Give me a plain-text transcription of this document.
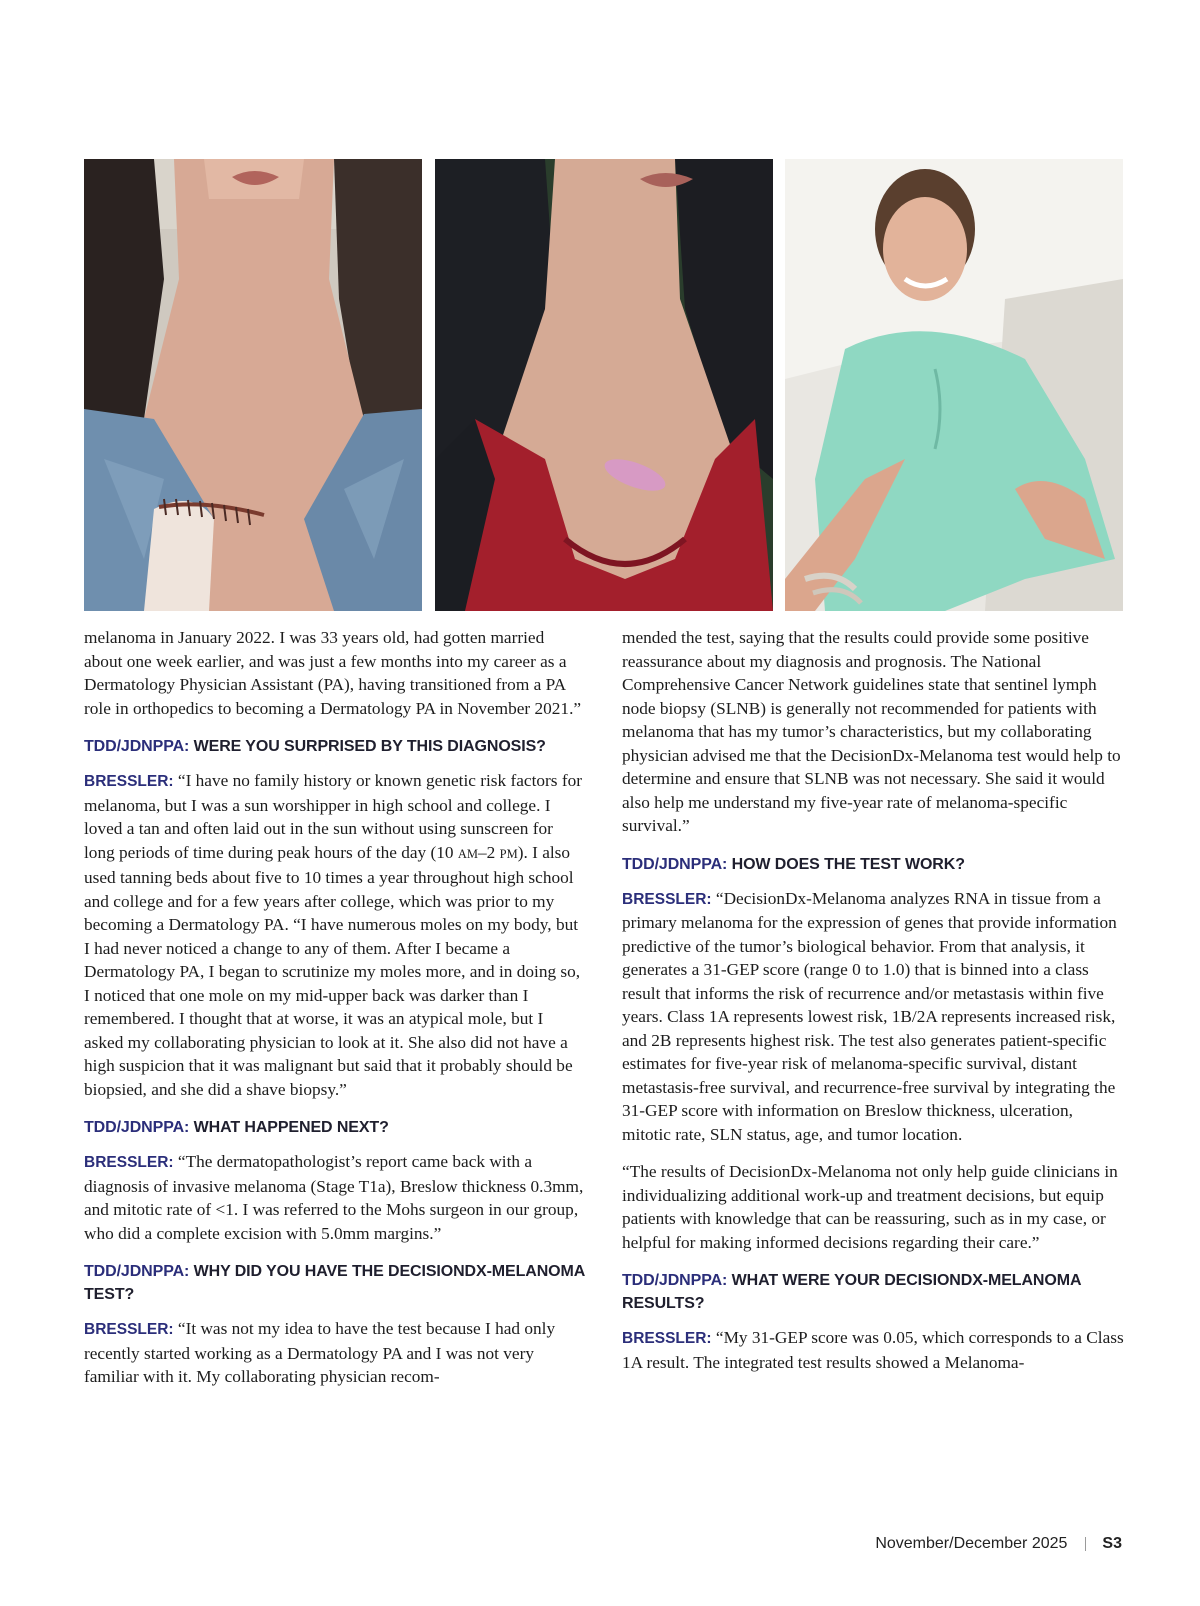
melanoma in January 2022. I was 33 years old, had gotten married about one week earlier, and was just a few months into my career as a Dermatology Physician Assistant (PA), having transitioned from a PA role in orthopedics to becoming a Dermatology PA in November 2021.”

TDD/JDNPPA: WERE YOU SURPRISED BY THIS DIAGNOSIS?

BRESSLER: “I have no family history or known genetic risk factors for melanoma, but I was a sun worshipper in high school and college. I loved a tan and often laid out in the sun without using sunscreen for long periods of time during peak hours of the day (10 AM–2 PM). I also used tanning beds about five to 10 times a year throughout high school and college and for a few years after college, which was prior to my becoming a Dermatology PA. “I have numerous moles on my body, but I had never noticed a change to any of them. After I became a Dermatology PA, I began to scrutinize my moles more, and in doing so, I noticed that one mole on my mid-upper back was darker than I remembered. I thought that at worse, it was an atypical mole, but I asked my collaborating physician to look at it. She also did not have a high suspicion that it was malignant but said that it probably should be biopsied, and she did a shave biopsy.”

TDD/JDNPPA: WHAT HAPPENED NEXT?

BRESSLER: “The dermatopathologist’s report came back with a diagnosis of invasive melanoma (Stage T1a), Breslow thickness 0.3mm, and mitotic rate of <1. I was referred to the Mohs surgeon in our group, who did a complete excision with 5.0mm margins.”

TDD/JDNPPA: WHY DID YOU HAVE THE DECISIONDX-MELANOMA TEST?

BRESSLER: “It was not my idea to have the test because I had only recently started working as a Dermatology PA and I was not very familiar with it. My collaborating physician recom-

mended the test, saying that the results could provide some positive reassurance about my diagnosis and prognosis. The National Comprehensive Cancer Network guidelines state that sentinel lymph node biopsy (SLNB) is generally not recommended for patients with melanoma that has my tumor’s characteristics, but my collaborating physician advised me that the DecisionDx-Melanoma test would help to determine and ensure that SLNB was not necessary. She said it would also help me understand my five-year rate of melanoma-specific survival.”

TDD/JDNPPA: HOW DOES THE TEST WORK?

BRESSLER: “DecisionDx-Melanoma analyzes RNA in tissue from a primary melanoma for the expression of genes that provide information predictive of the tumor’s biological behavior. From that analysis, it generates a 31-GEP score (range 0 to 1.0) that is binned into a class result that informs the risk of recurrence and/or metastasis within five years. Class 1A represents lowest risk, 1B/2A represents increased risk, and 2B represents highest risk. The test also generates patient-specific estimates for five-year risk of melanoma-specific survival, distant metastasis-free survival, and recurrence-free survival by integrating the 31-GEP score with information on Breslow thickness, ulceration, mitotic rate, SLN status, age, and tumor location.

“The results of DecisionDx-Melanoma not only help guide clinicians in individualizing additional work-up and treatment decisions, but equip patients with knowledge that can be reassuring, such as in my case, or helpful for making informed decisions regarding their care.”

TDD/JDNPPA: WHAT WERE YOUR DECISIONDX-MELANOMA RESULTS?

BRESSLER: “My 31-GEP score was 0.05, which corresponds to a Class 1A result. The integrated test results showed a Melanoma-

November/December 2025 S3
